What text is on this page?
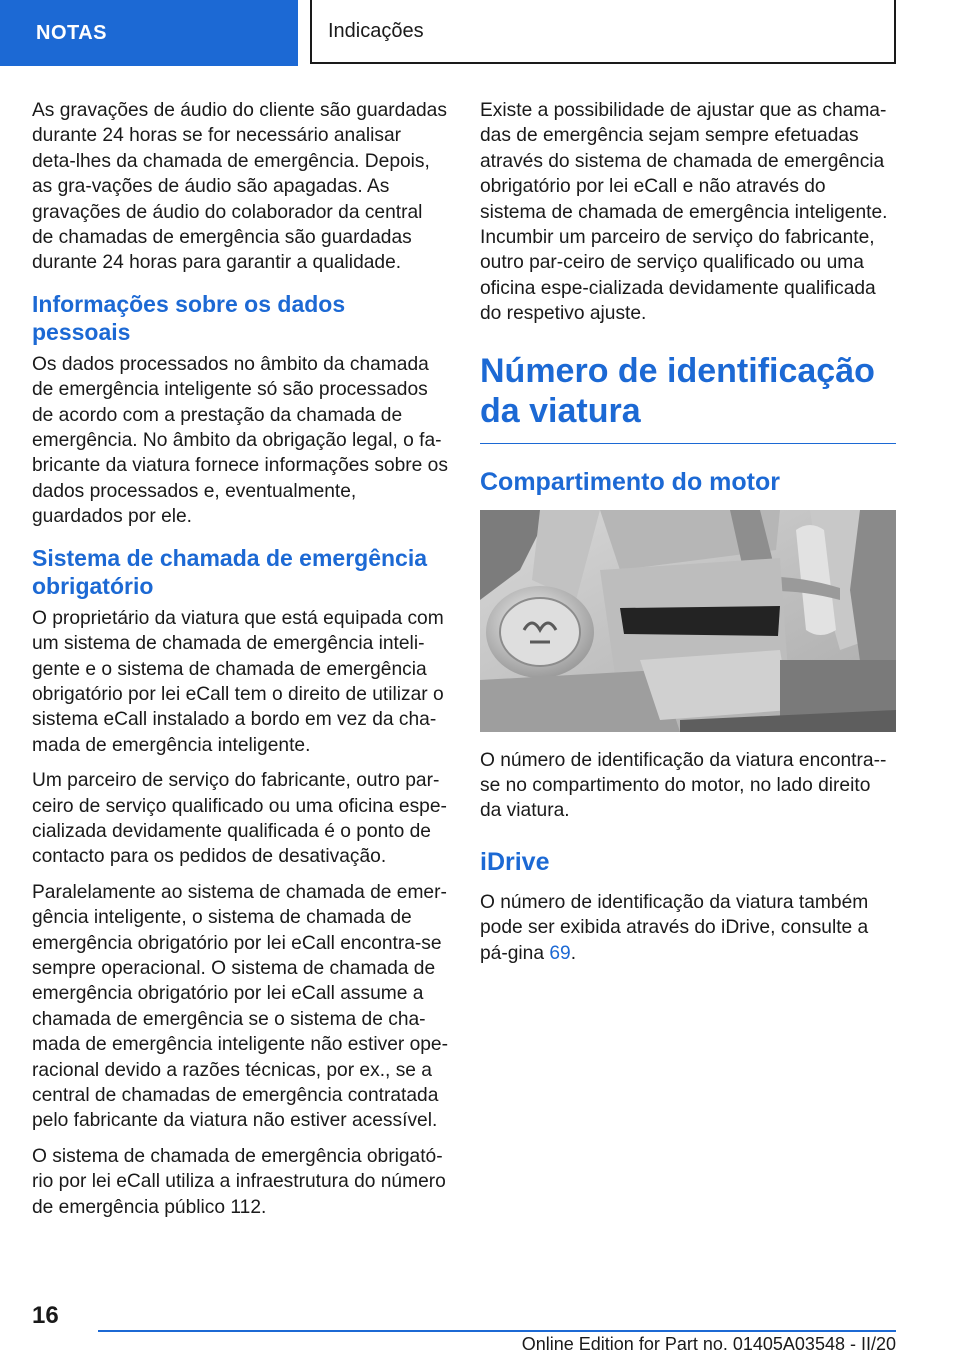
NOTAS	Indicações

As gravações de áudio do cliente são guardadas durante 24 horas se for necessário analisar deta-lhes da chamada de emergência. Depois, as gra-vações de áudio são apagadas. As gravações de áudio do colaborador da central de chamadas de emergência são guardadas durante 24 horas para garantir a qualidade.

Informações sobre os dados pessoais

Os dados processados no âmbito da chamada de emergência inteligente só são processados de acordo com a prestação da chamada de emergência. No âmbito da obrigação legal, o fa-bricante da viatura fornece informações sobre os dados processados e, eventualmente, guardados por ele.

Sistema de chamada de emergência obrigatório

O proprietário da viatura que está equipada com um sistema de chamada de emergência inteli-gente e o sistema de chamada de emergência obrigatório por lei eCall tem o direito de utilizar o sistema eCall instalado a bordo em vez da cha-mada de emergência inteligente.

Um parceiro de serviço do fabricante, outro par-ceiro de serviço qualificado ou uma oficina espe-cializada devidamente qualificada é o ponto de contacto para os pedidos de desativação.

Paralelamente ao sistema de chamada de emer-gência inteligente, o sistema de chamada de emergência obrigatório por lei eCall encontra-se sempre operacional. O sistema de chamada de emergência obrigatório por lei eCall assume a chamada de emergência se o sistema de cha-mada de emergência inteligente não estiver ope-racional devido a razões técnicas, por ex., se a central de chamadas de emergência contratada pelo fabricante da viatura não estiver acessível.

O sistema de chamada de emergência obrigató-rio por lei eCall utiliza a infraestrutura do número de emergência público 112.

Existe a possibilidade de ajustar que as chama-das de emergência sejam sempre efetuadas através do sistema de chamada de emergência obrigatório por lei eCall e não através do sistema de chamada de emergência inteligente. Incumbir um parceiro de serviço do fabricante, outro par-ceiro de serviço qualificado ou uma oficina espe-cializada devidamente qualificada do respetivo ajuste.

Número de identificação da viatura
Compartimento do motor

O número de identificação da viatura encontra--se no compartimento do motor, no lado direito da viatura.

iDrive

O número de identificação da viatura também pode ser exibida através do iDrive, consulte a pá-gina 69.

16
Online Edition for Part no. 01405A03548 - II/20
